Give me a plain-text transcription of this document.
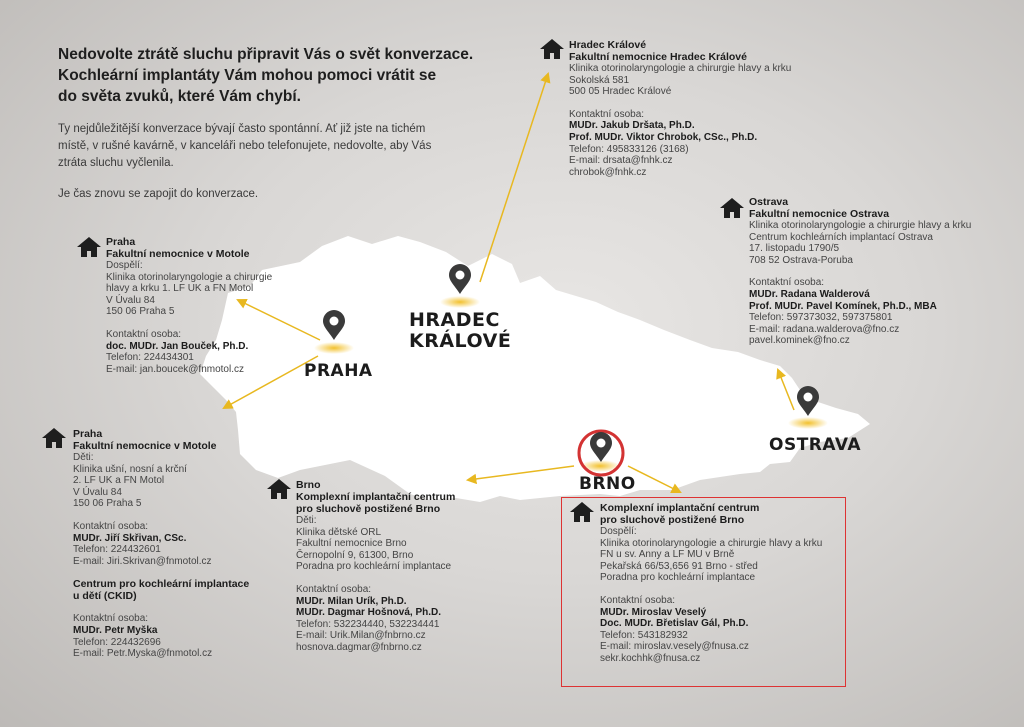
HRADEC
KRÁLOVÉ
PRAHA
BRNO
OSTRAVA
Nedovolte ztrátě sluchu připravit Vás o svět konverzace.
Kochleární implantáty Vám mohou pomoci vrátit se
do světa zvuků, které Vám chybí.

Ty nejdůležitější konverzace bývají často spontánní. Ať již jste na tichém
místě, v rušné kavárně, v kanceláři nebo telefonujete, nedovolte, aby Vás
ztráta sluchu vyčlenila.

Je čas znovu se zapojit do konverzace.

Hradec Králové
Fakultní nemocnice Hradec Králové
Klinika otorinolaryngologie a chirurgie hlavy a krku
Sokolská 581
500 05 Hradec Králové
Kontaktní osoba:
MUDr. Jakub Dršata, Ph.D.
Prof. MUDr. Viktor Chrobok, CSc., Ph.D.
Telefon: 495833126 (3168)
E-mail: drsata@fnhk.cz
chrobok@fnhk.cz
Ostrava
Fakultní nemocnice Ostrava
Klinika otorinolaryngologie a chirurgie hlavy a krku
Centrum kochleárních implantací Ostrava
17. listopadu 1790/5
708 52 Ostrava-Poruba
Kontaktní osoba:
MUDr. Radana Walderová
Prof. MUDr. Pavel Komínek, Ph.D., MBA
Telefon: 597373032, 597375801
E-mail: radana.walderova@fno.cz
pavel.kominek@fno.cz
Praha
Fakultní nemocnice v Motole
Dospělí:
Klinika otorinolaryngologie a chirurgie
hlavy a krku 1. LF UK a FN Motol
V Úvalu 84
150 06 Praha 5
Kontaktní osoba:
doc. MUDr. Jan Bouček, Ph.D.
Telefon: 224434301
E-mail: jan.boucek@fnmotol.cz
Praha
Fakultní nemocnice v Motole
Děti:
Klinika ušní, nosní a krční
2. LF UK a FN Motol
V Úvalu 84
150 06 Praha 5
Kontaktní osoba:
MUDr. Jiří Skřivan, CSc.
Telefon: 224432601
E-mail: Jiri.Skrivan@fnmotol.cz
Centrum pro kochleární implantace
u dětí (CKID)
Kontaktní osoba:
MUDr. Petr Myška
Telefon: 224432696
E-mail: Petr.Myska@fnmotol.cz
Brno
Komplexní implantační centrum
pro sluchově postižené Brno
Děti:
Klinika dětské ORL
Fakultní nemocnice Brno
Černopolní 9, 61300, Brno
Poradna pro kochleární implantace
Kontaktní osoba:
MUDr. Milan Urík, Ph.D.
MUDr. Dagmar Hošnová, Ph.D.
Telefon: 532234440, 532234441
E-mail: Urik.Milan@fnbrno.cz
hosnova.dagmar@fnbrno.cz
Komplexní implantační centrum
pro sluchově postižené Brno
Dospělí:
Klinika otorinolaryngologie a chirurgie hlavy a krku
FN u sv. Anny a LF MU v Brně
Pekařská 66/53,656 91 Brno - střed
Poradna pro kochleární implantace
Kontaktní osoba:
MUDr. Miroslav Veselý
Doc. MUDr. Břetislav Gál, Ph.D.
Telefon: 543182932
E-mail: miroslav.vesely@fnusa.cz
sekr.kochhk@fnusa.cz
